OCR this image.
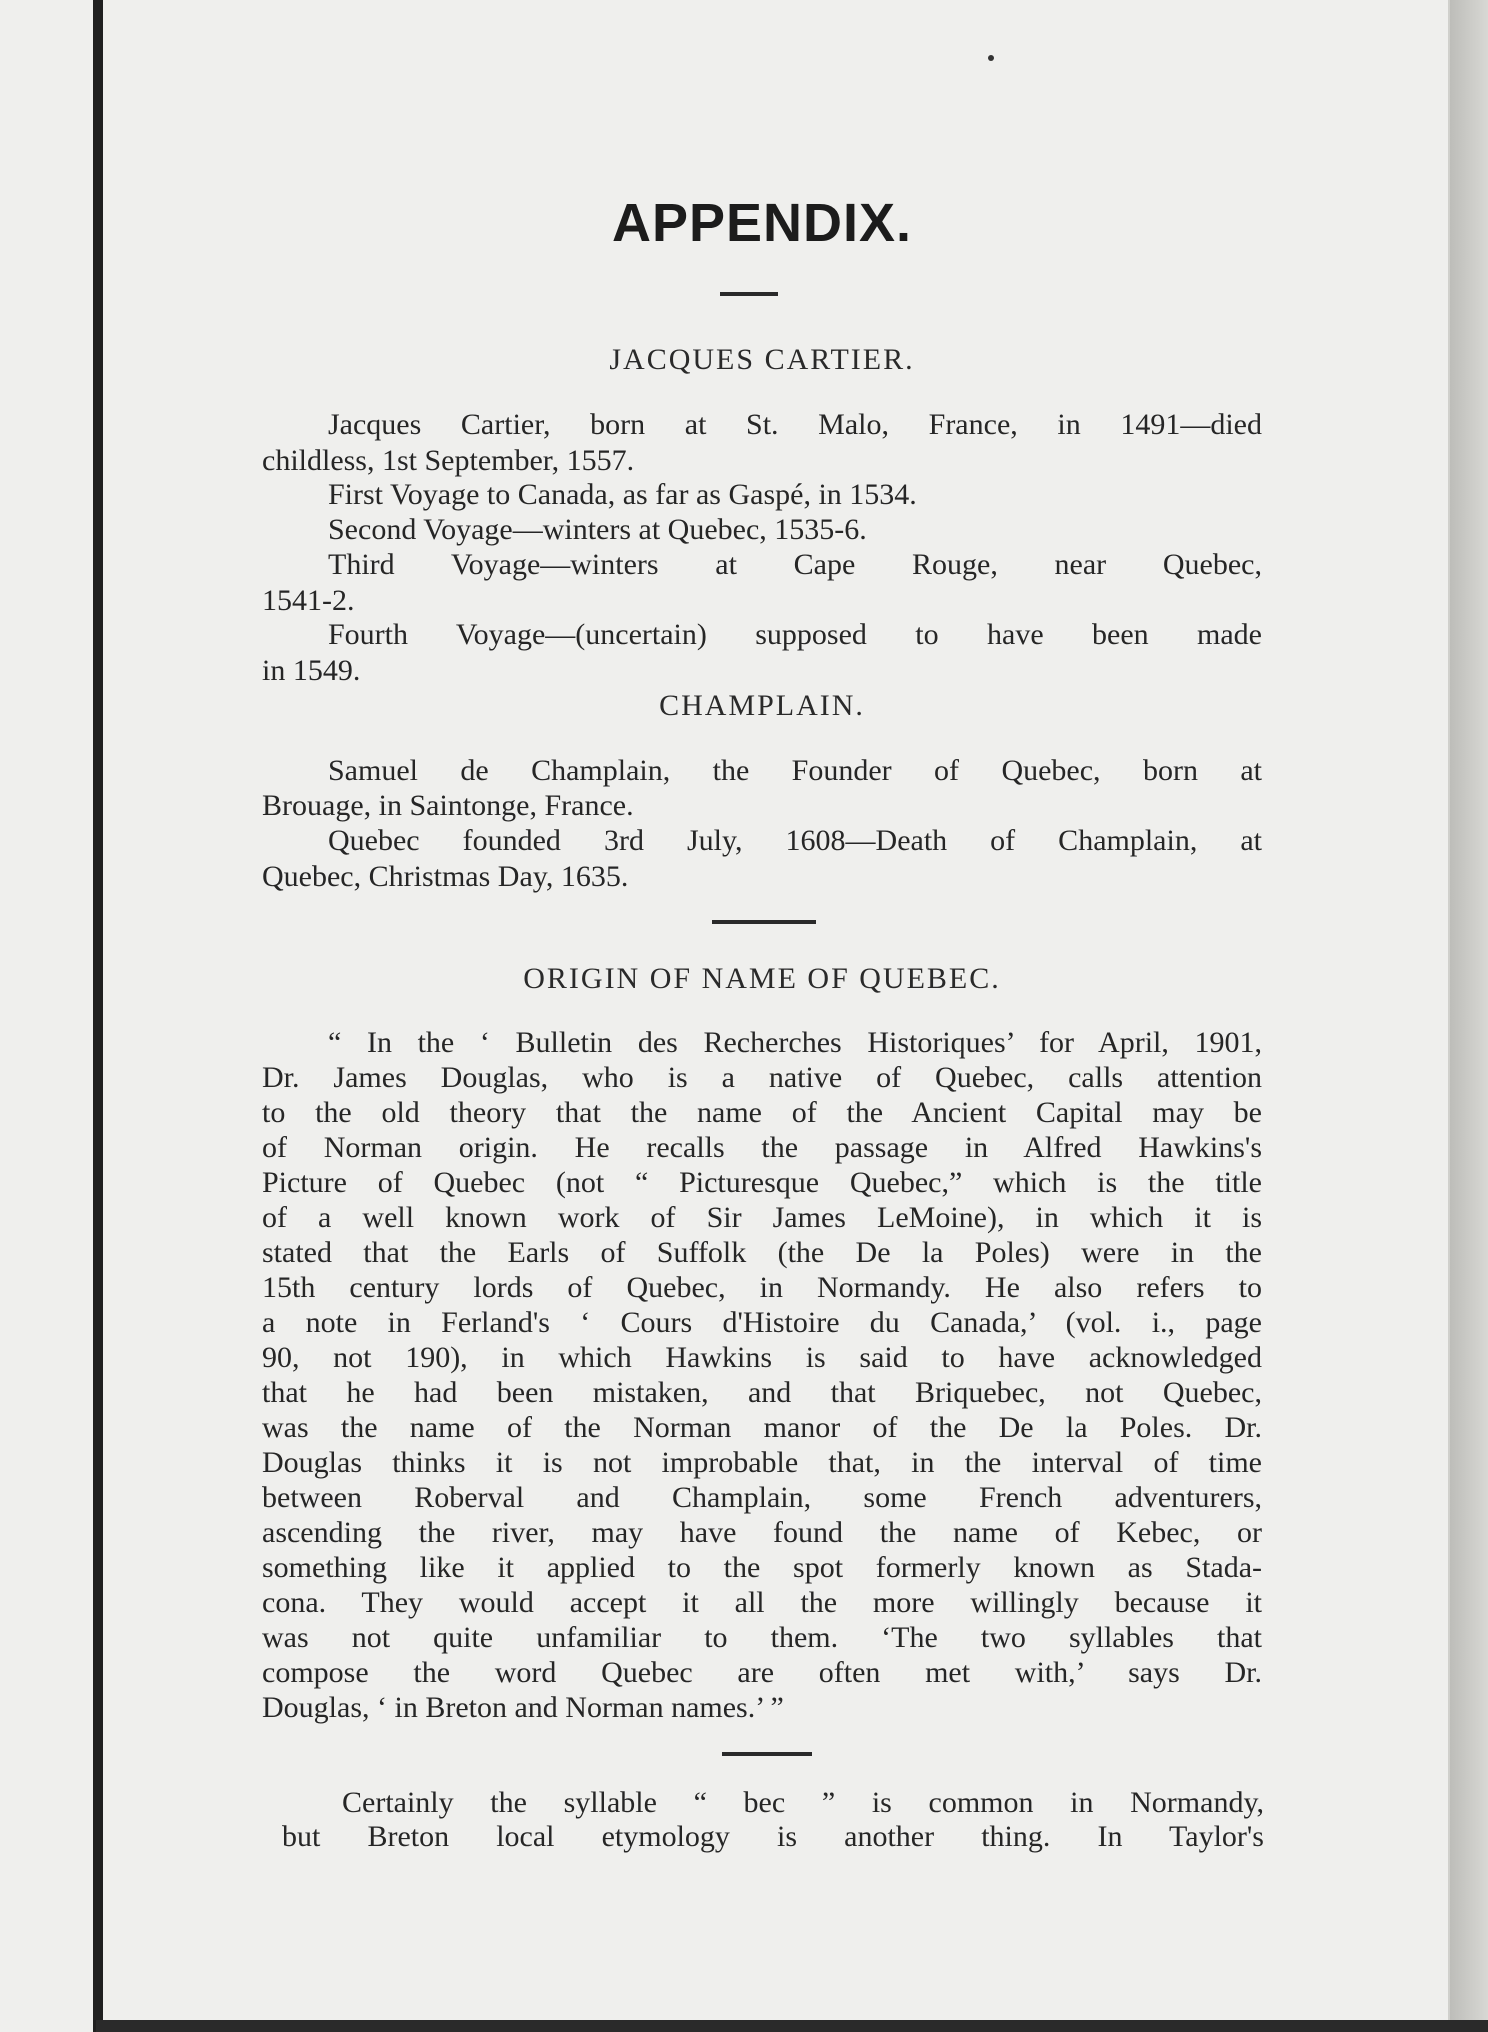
APPENDIX.
JACQUES CARTIER.
Jacques Cartier, born at St. Malo, France, in 1491—died
childless, 1st September, 1557.
First Voyage to Canada, as far as Gaspé, in 1534.
Second Voyage—winters at Quebec, 1535-6.
Third Voyage—winters at Cape Rouge, near Quebec,
1541-2.
Fourth Voyage—(uncertain) supposed to have been made
in 1549.
CHAMPLAIN.
Samuel de Champlain, the Founder of Quebec, born at
Brouage, in Saintonge, France.
Quebec founded 3rd July, 1608—Death of Champlain, at
Quebec, Christmas Day, 1635.
ORIGIN OF NAME OF QUEBEC.
“ In the ‘ Bulletin des Recherches Historiques’ for April, 1901,
Dr. James Douglas, who is a native of Quebec, calls attention
to the old theory that the name of the Ancient Capital may be
of Norman origin. He recalls the passage in Alfred Hawkins's
Picture of Quebec (not “ Picturesque Quebec,” which is the title
of a well known work of Sir James LeMoine), in which it is
stated that the Earls of Suffolk (the De la Poles) were in the
15th century lords of Quebec, in Normandy. He also refers to
a note in Ferland's ‘ Cours d'Histoire du Canada,’ (vol. i., page
90, not 190), in which Hawkins is said to have acknowledged
that he had been mistaken, and that Briquebec, not Quebec,
was the name of the Norman manor of the De la Poles. Dr.
Douglas thinks it is not improbable that, in the interval of time
between Roberval and Champlain, some French adventurers,
ascending the river, may have found the name of Kebec, or
something like it applied to the spot formerly known as Stada-
cona. They would accept it all the more willingly because it
was not quite unfamiliar to them. ‘The two syllables that
compose the word Quebec are often met with,’ says Dr.
Douglas, ‘ in Breton and Norman names.’ ”
Certainly the syllable “ bec ” is common in Normandy,
but Breton local etymology is another thing. In Taylor's
